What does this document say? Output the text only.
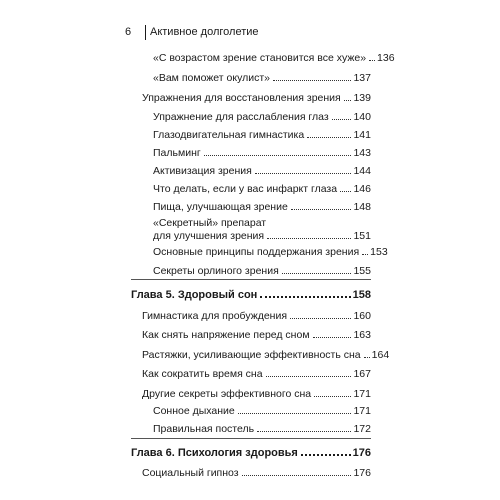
6 Активное долголетие
«С возрастом зрение становится все хуже» 136
«Вам поможет окулист»	137
Упражнения для восстановления зрения 139
Упражнение для расслабления глаз 140
Глазодвигательная гимнастика	141
Пальминг	143
Активизация зрения	144
Что делать, если у вас инфаркт глаза 146
Пища, улучшающая зрение	148
«Секретный» препарат
для улучшения зрения	151
Основные принципы поддержания зрения 153
Секреты орлиного зрения	155
Глава 5. Здоровый сон	158
Гимнастика для пробуждения	160
Как снять напряжение перед сном	163
Растяжки, усиливающие эффективность сна 164
Как сократить время сна	167
Другие секреты эффективного сна	171
Сонное дыхание	171
Правильная постель	172
Глава 6. Психология здоровья	176
Социальный гипноз	176
